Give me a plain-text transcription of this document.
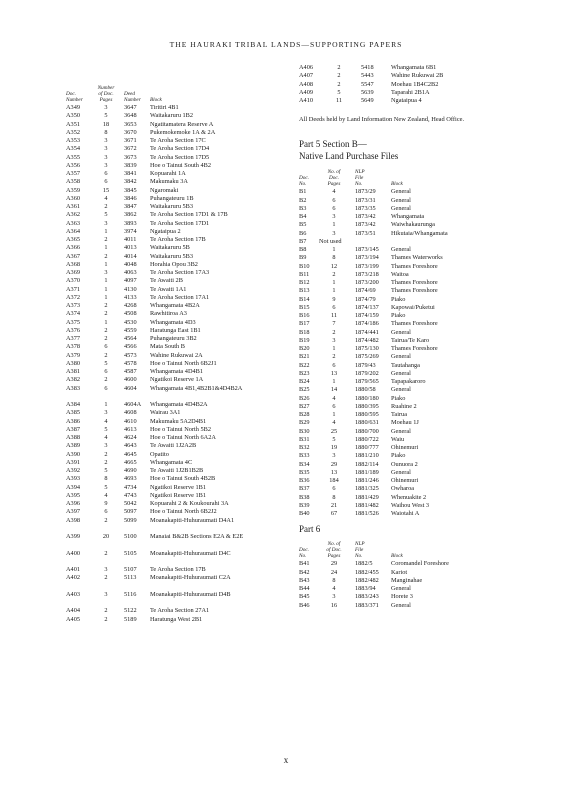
THE HAURAKI TRIBAL LANDS—SUPPORTING PAPERS
Doc.
Number
Number
of Doc.
Pages
Deed
Number Block
A349	3	3647	Tiritiri 4B1
A350	5	3648	Waitakaruru 1B2
A351	18	3653	Ngatitamatera Reserve A
A352	8	3670	Pukemokemoke 1A & 2A
A353	3	3671	Te Aroha Section 17C
A354	3	3672	Te Aroha Section 17D4
A355	3	3673	Te Aroha Section 17D5
A356	3	3839	Hoe o Tainui South 4B2
A357	6	3841	Kopuarahi 1A
A358	6	3842	Makumaku 3A
A359	15	3845	Ngaromaki
A360	4	3846	Puhangateuru 1B
A361	2	3847	Waitakaruru 5B3
A362	5	3862	Te Aroha Section 17D1 & 17B
A363	3	3893	Te Aroha Section 17D1
A364	1	3974	Ngataipua 2
A365	2	4011	Te Aroha Section 17B
A366	1	4013	Waitakaruru 5B
A367	2	4014	Waitakaruru 5B3
A368	1	4048	Horahia Opou 3B2
A369	3	4063	Te Aroha Section 17A3
A370	1	4097	Te Awaiti 2B
A371	1	4130	Te Awaiti 1A1
A372	1	4133	Te Aroha Section 17A1
A373	2	4268	Whangamata 4B2A
A374	2	4508	Rawhitiroa A3
A375	1	4530	Whangamata 4D3
A376	2	4559	Haratunga East 1B1
A377	2	4564	Puhangateuru 3B2
A378	6	4566	Mata South B
A379	2	4573	Wahine Rukuwai 2A
A380	5	4578	Hoe o Tainui North 6B2J1
A381	6	4587	Whangamata 4D4B1
A382	2	4600	Ngatikoi Reserve 1A
A383	6	4604	Whangamata 4B1,4B2B1&4D4B2A
A384	1	4604A	Whangamata 4D4B2A
A385	3	4608	Wairau 3A1
A386	4	4610	Makumaku 5A2D4B1
A387	5	4613	Hoe o Tainui North 5B2
A388	4	4624	Hoe o Tainui North 6A2A
A389	3	4643	Te Awaiti 1J2A2B
A390	2	4645	Opatito
A391	2	4665	Whangamata 4C
A392	5	4690	Te Awaiti 1J2B1B2B
A393	8	4693	Hoe o Tainui South 4B2B
A394	5	4734	Ngatikoi Reserve 1B1
A395	4	4743	Ngatikoi Reserve 1B1
A396	9	5042	Kopuarahi 2 & Koukourahi 3A
A397	6	5097	Hoe o Tainui North 6B2J2
A398	2	5099	Moanakapiti-Huhuraumati D4A1
A399	20	5100	Manaiai B&2B Sections E2A & E2E
A400	2	5105	Moanakapiti-Huhuraumati D4C
A401	3	5107	Te Aroha Section 17B
A402	2	5113	Moanakapiti-Huhuraumati C2A
A403	3	5116	Moanakapiti-Huhuraumati D4B
A404	2	5122	Te Aroha Section 27A1
A405	2	5189	Haratunga West 2B1
A406	2	5418	Whangamata 6B1
A407	2	5443	Wahine Rukuwai 2B
A408	2	5547	Moehau 1B4C2B2
A409	5	5639	Taparahi 2B1A
A410	11	5649	Ngataipua 4
All Deeds held by Land Information New Zealand, Head Office.
Part 5 Section B—
Native Land Purchase Files
Doc.
No.
No. of
Doc.
Pages
NLP
File
No.	Block
B1	4	1873/29	General
B2	6	1873/31	General
B3	6	1873/35	General
B4	3	1873/42	Whangamata
B5	1	1873/42	Waiwhakaurunga
B6	3	1873/51	Hikutaia/Whangamata
B7	Not used
B8	1	1873/145	General
B9	8	1873/194	Thames Waterworks
B10	12	1873/199	Thames Foreshore
B11	2	1873/218	Waitoa
B12	1	1873/200	Thames Foreshore
B13	1	1874/69	Thames Foreshore
B14	9	1874/79	Piako
B15	6	1874/137	Kapowai/Puketui
B16	11	1874/159	Piako
B17	7	1874/186	Thames Foreshore
B18	2	1874/441	General
B19	3	1874/482	Tairua/Te Karo
B20	1	1875/130	Thames Foreshore
B21	2	1875/269	General
B22	6	1879/43	Tautahanga
B23	13	1879/202	General
B24	1	1879/565	Tapapakaroro
B25	14	1880/58	General
B26	4	1880/180	Piako
B27	6	1880/395	Ruahine 2
B28	1	1880/595	Tairua
B29	4	1880/631	Moehau 1J
B30	25	1880/700	General
B31	5	1880/722	Waiu
B32	19	1880/777	Ohinemuri
B33	3	1881/210	Piako
B34	29	1882/114	Ounuora 2
B35	13	1881/189	General
B36	184	1881/246	Ohinemuri
B37	6	1881/325	Owharoa
B38	8	1881/429	Whenuakite 2
B39	21	1881/482	Waihou West 3
B40	67	1881/526	Waiotahi A
Part 6
Doc.
No.
No. of
of Doc.
Pages
NLP
File
No.	Block
B41	29	1882/5	Coromandel Foreshore
B42	24	1882/455	Kariot
B43	8	1882/482	Manginahae
B44	4	1883/94	General
B45	3	1883/243	Horete 3
B46	16	1883/371	General
x
